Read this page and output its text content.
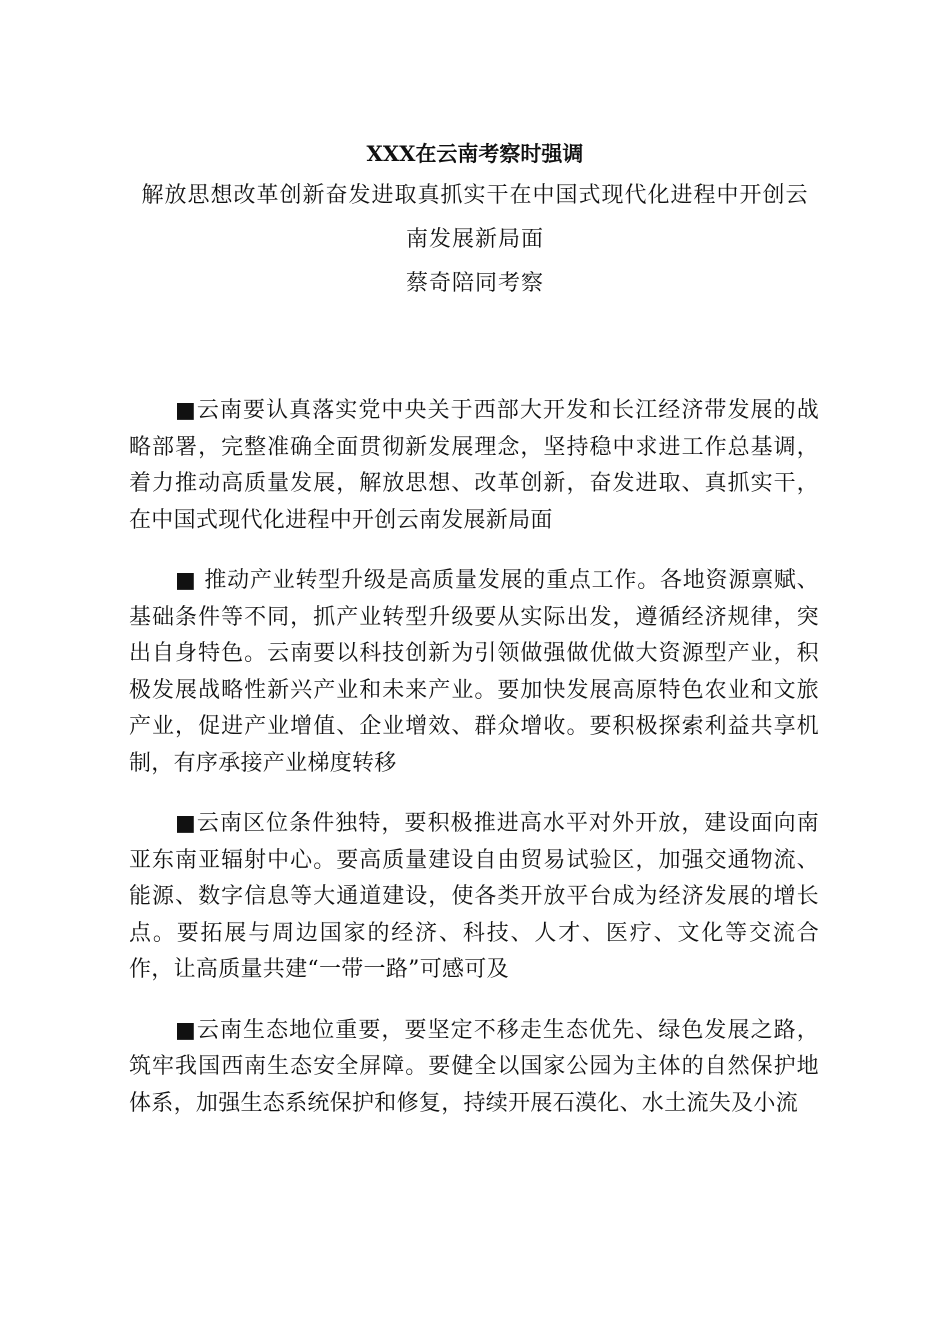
XXX在云南考察时强调
解放思想改革创新奋发进取真抓实干在中国式现代化进程中开创云
南发展新局面
蔡奇陪同考察

■云南要认真落实党中央关于西部大开发和长江经济带发展的战略部署，完整准确全面贯彻新发展理念，坚持稳中求进工作总基调，着力推动高质量发展，解放思想、改革创新，奋发进取、真抓实干，在中国式现代化进程中开创云南发展新局面

■ 推动产业转型升级是高质量发展的重点工作。各地资源禀赋、基础条件等不同，抓产业转型升级要从实际出发，遵循经济规律，突出自身特色。云南要以科技创新为引领做强做优做大资源型产业，积极发展战略性新兴产业和未来产业。要加快发展高原特色农业和文旅产业，促进产业增值、企业增效、群众增收。要积极探索利益共享机制，有序承接产业梯度转移

■云南区位条件独特，要积极推进高水平对外开放，建设面向南亚东南亚辐射中心。要高质量建设自由贸易试验区，加强交通物流、能源、数字信息等大通道建设，使各类开放平台成为经济发展的增长点。要拓展与周边国家的经济、科技、人才、医疗、文化等交流合作，让高质量共建“一带一路”可感可及

■云南生态地位重要，要坚定不移走生态优先、绿色发展之路，筑牢我国西南生态安全屏障。要健全以国家公园为主体的自然保护地体系，加强生态系统保护和修复，持续开展石漠化、水土流失及小流
